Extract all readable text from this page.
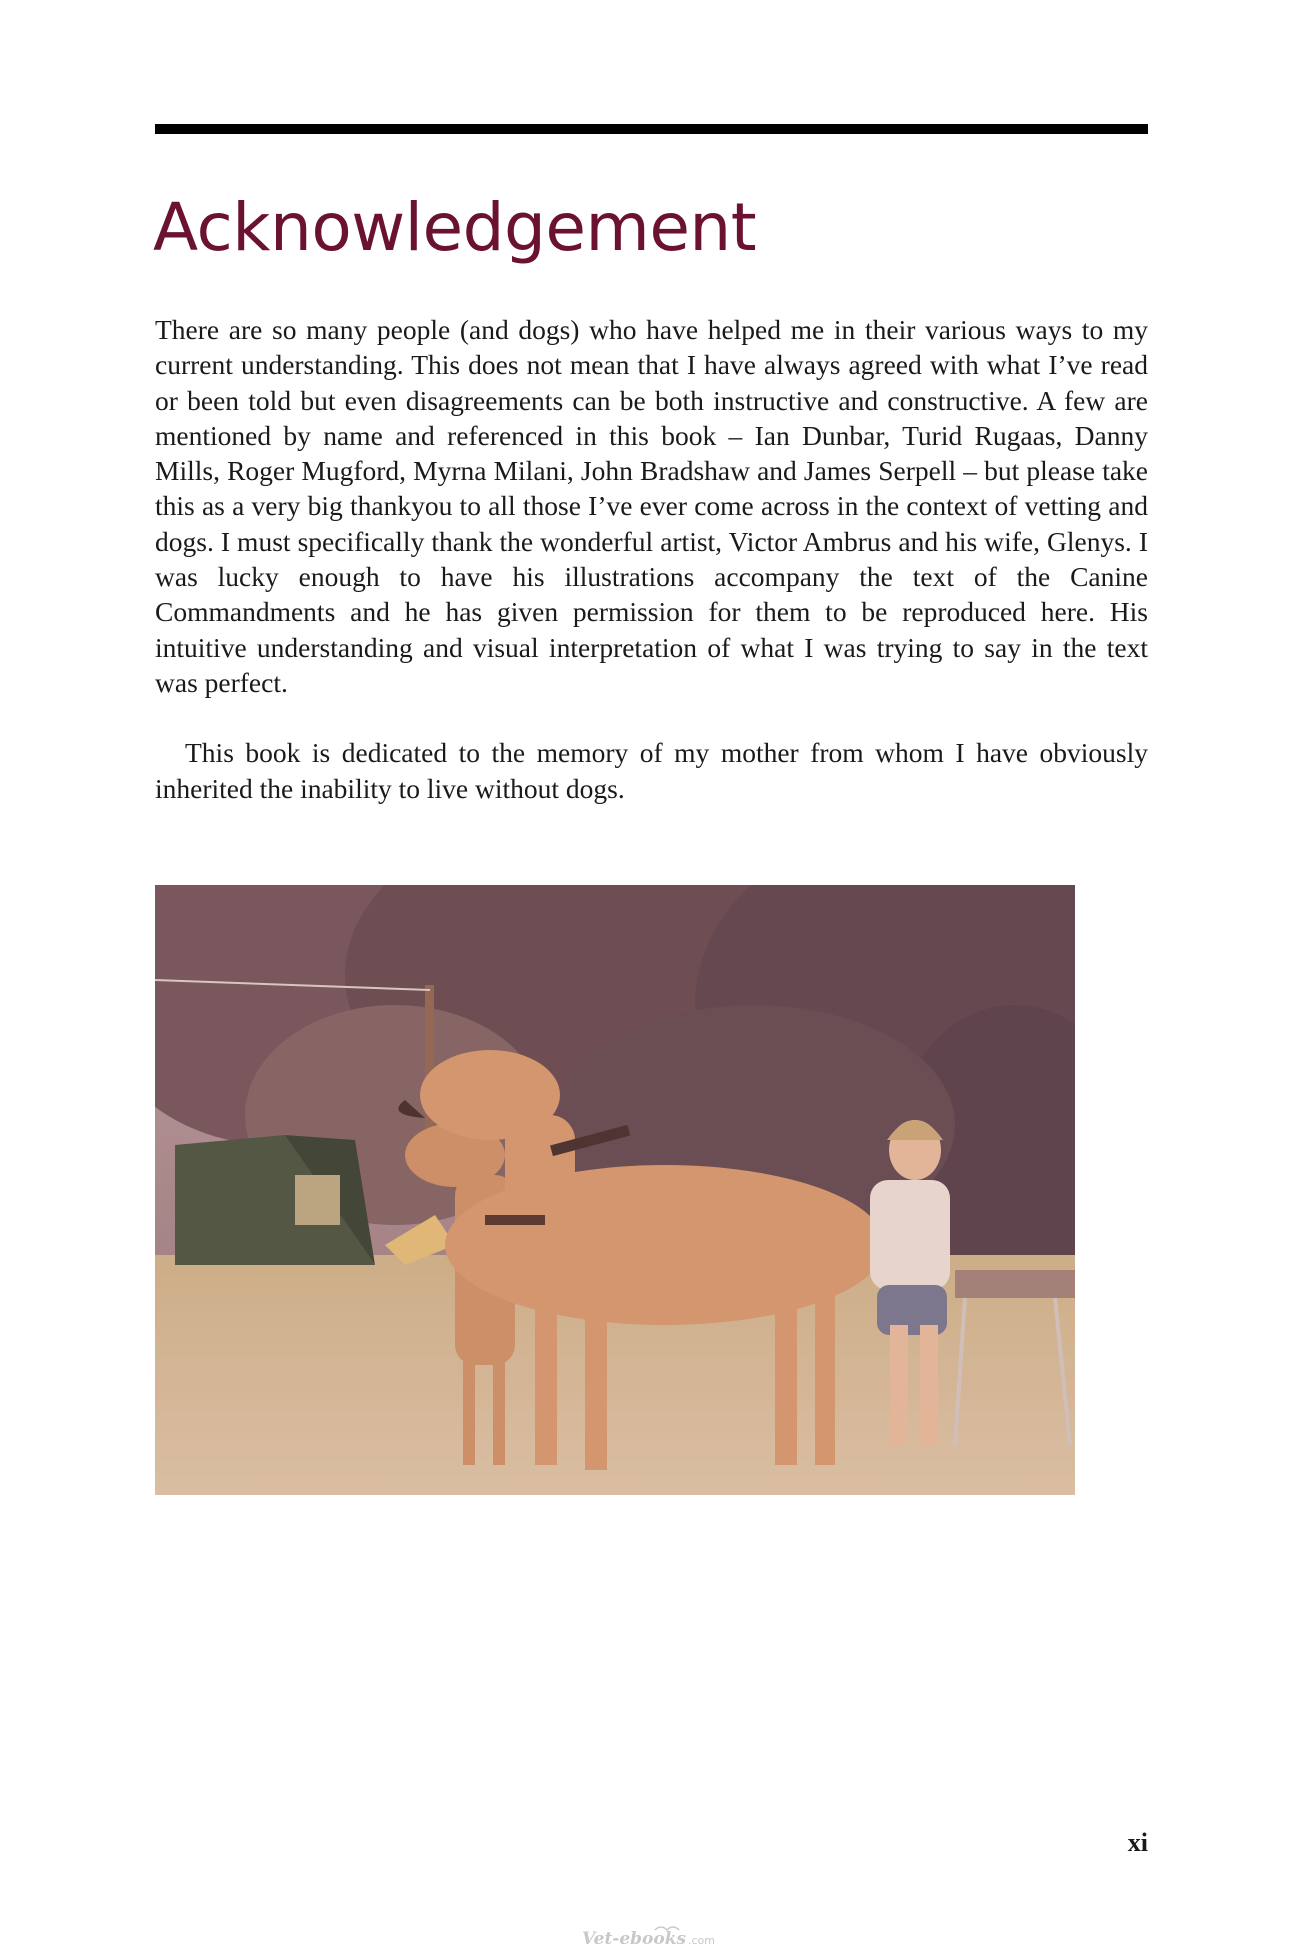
Acknowledgement

There are so many people (and dogs) who have helped me in their various ways to my current understanding. This does not mean that I have always agreed with what I’ve read or been told but even disagreements can be both instructive and constructive. A few are mentioned by name and referenced in this book – Ian Dunbar, Turid Rugaas, Danny Mills, Roger Mugford, Myrna Milani, John Bradshaw and James Serpell – but please take this as a very big thankyou to all those I’ve ever come across in the context of vetting and dogs. I must specifically thank the wonderful artist, Victor Ambrus and his wife, Glenys. I was lucky enough to have his illustrations accompany the text of the Canine Commandments and he has given permission for them to be reproduced here. His intuitive understanding and visual interpretation of what I was trying to say in the text was perfect.

This book is dedicated to the memory of my mother from whom I have obviously inherited the inability to live without dogs.

xi

Vet-ebooks .com
